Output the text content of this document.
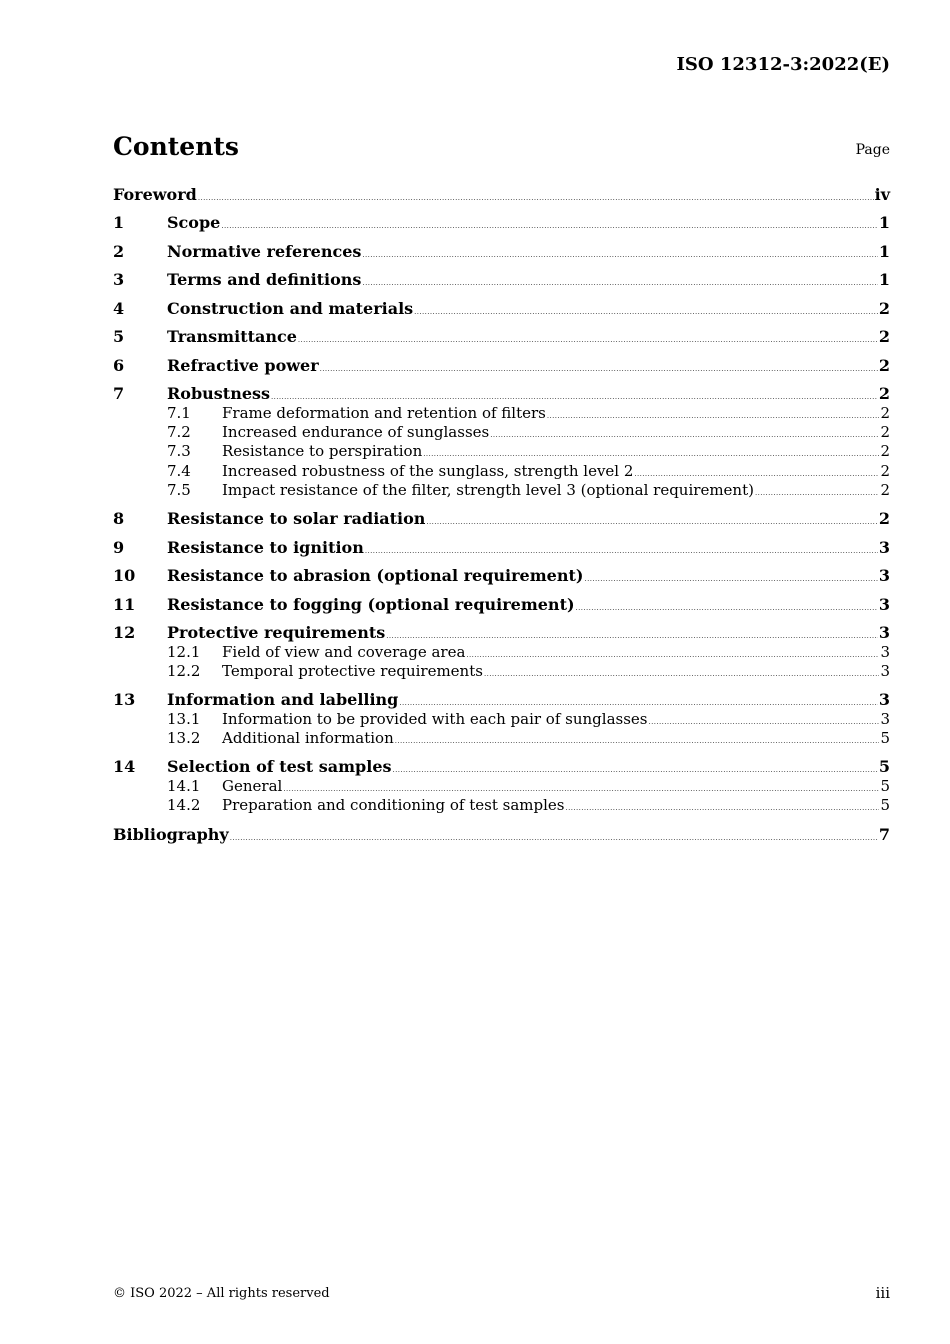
ISO 12312-3:2022(E)
Contents	Page
Foreword .....	iv
1	Scope .....	1
2	Normative references .....	1
3	Terms and definitions .....	1
4	Construction and materials .....	2
5	Transmittance .....	2
6	Refractive power .....	2
7	Robustness .....	2
7.1	Frame deformation and retention of filters .....	2
7.2	Increased endurance of sunglasses .....	2
7.3	Resistance to perspiration .....	2
7.4	Increased robustness of the sunglass, strength level 2 .....	2
7.5	Impact resistance of the filter, strength level 3 (optional requirement) .....	2
8	Resistance to solar radiation .....	2
9	Resistance to ignition .....	3
10	Resistance to abrasion (optional requirement) .....	3
11	Resistance to fogging (optional requirement) .....	3
12	Protective requirements .....	3
12.1	Field of view and coverage area .....	3
12.2	Temporal protective requirements .....	3
13	Information and labelling .....	3
13.1	Information to be provided with each pair of sunglasses .....	3
13.2	Additional information .....	5
14	Selection of test samples .....	5
14.1	General .....	5
14.2	Preparation and conditioning of test samples .....	5
Bibliography .....	7
© ISO 2022 – All rights reserved	iii
